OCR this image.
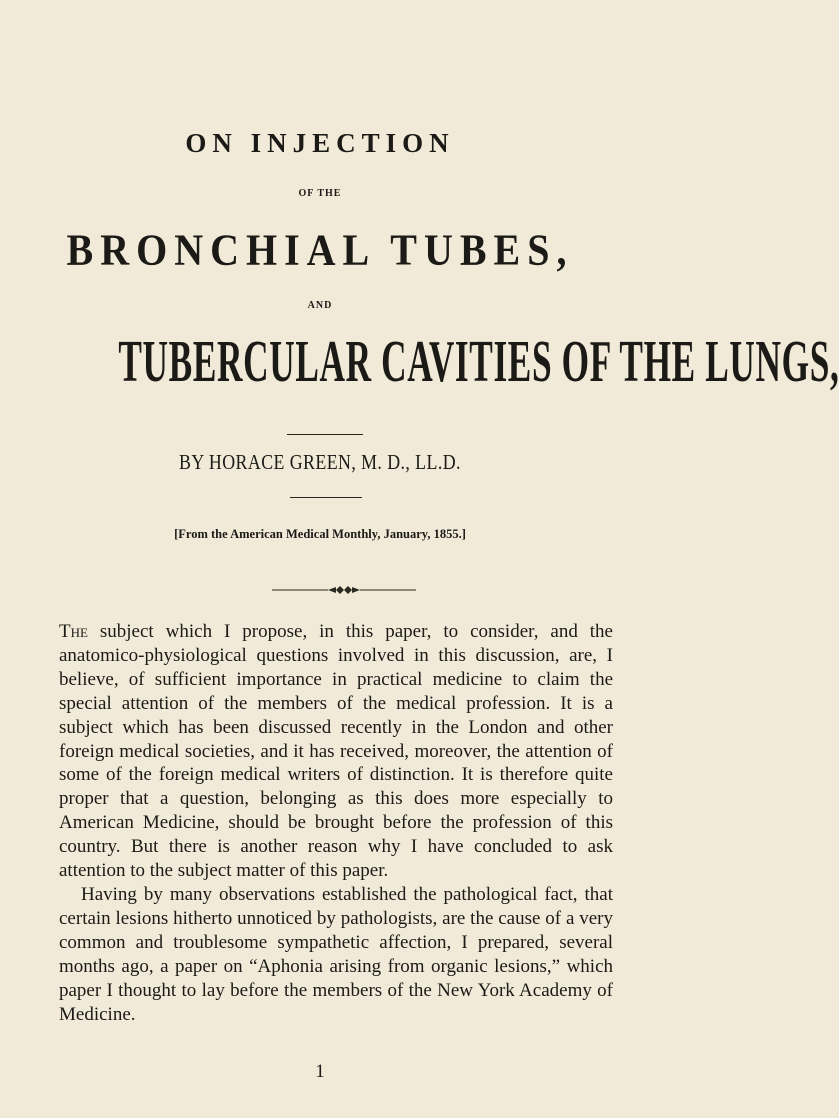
ON INJECTION
OF THE
BRONCHIAL TUBES,
AND
TUBERCULAR CAVITIES OF THE LUNGS,
BY HORACE GREEN, M. D., LL.D.
[From the American Medical Monthly, January, 1855.]

The subject which I propose, in this paper, to consider, and the anatomico-physiological questions involved in this discussion, are, I believe, of sufficient importance in practical medicine to claim the special attention of the members of the medical profession. It is a subject which has been discussed recently in the London and other foreign medical societies, and it has received, moreover, the attention of some of the foreign medical writers of distinction. It is therefore quite proper that a question, belonging as this does more especially to American Medicine, should be brought before the profession of this country. But there is another reason why I have concluded to ask attention to the subject matter of this paper.

Having by many observations established the pathological fact, that certain lesions hitherto unnoticed by pathologists, are the cause of a very common and troublesome sympathetic affection, I prepared, several months ago, a paper on “Aphonia arising from organic lesions,” which paper I thought to lay before the members of the New York Academy of Medicine.

1
